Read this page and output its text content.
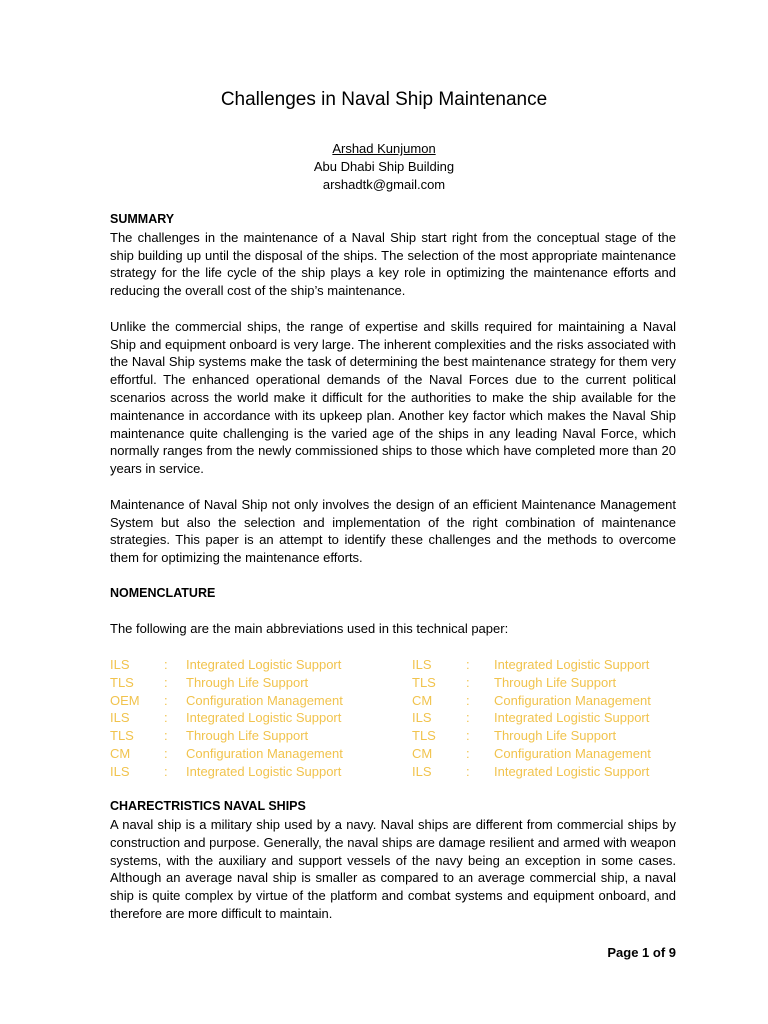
Challenges in Naval Ship Maintenance
Arshad Kunjumon
Abu Dhabi Ship Building
arshadtk@gmail.com
SUMMARY

The challenges in the maintenance of a Naval Ship start right from the conceptual stage of the ship building up until the disposal of the ships. The selection of the most appropriate maintenance strategy for the life cycle of the ship plays a key role in optimizing the maintenance efforts and reducing the overall cost of the ship’s maintenance.

Unlike the commercial ships, the range of expertise and skills required for maintaining a Naval Ship and equipment onboard is very large. The inherent complexities and the risks associated with the Naval Ship systems make the task of determining the best maintenance strategy for them very effortful. The enhanced operational demands of the Naval Forces due to the current political scenarios across the world make it difficult for the authorities to make the ship available for the maintenance in accordance with its upkeep plan. Another key factor which makes the Naval Ship maintenance quite challenging is the varied age of the ships in any leading Naval Force, which normally ranges from the newly commissioned ships to those which have completed more than 20 years in service.

Maintenance of Naval Ship not only involves the design of an efficient Maintenance Management System but also the selection and implementation of the right combination of maintenance strategies. This paper is an attempt to identify these challenges and the methods to overcome them for optimizing the maintenance efforts.

NOMENCLATURE

The following are the main abbreviations used in this technical paper:

ILS	:	Integrated Logistic Support	ILS	:	Integrated Logistic Support
TLS	:	Through Life Support	TLS	:	Through Life Support
OEM	:	Configuration Management	CM	:	Configuration Management
ILS	:	Integrated Logistic Support	ILS	:	Integrated Logistic Support
TLS	:	Through Life Support	TLS	:	Through Life Support
CM	:	Configuration Management	CM	:	Configuration Management
ILS	:	Integrated Logistic Support	ILS	:	Integrated Logistic Support
CHARECTRISTICS NAVAL SHIPS

A naval ship is a military ship used by a navy. Naval ships are different from commercial ships by construction and purpose. Generally, the naval ships are damage resilient and armed with weapon systems, with the auxiliary and support vessels of the navy being an exception in some cases. Although an average naval ship is smaller as compared to an average commercial ship, a naval ship is quite complex by virtue of the platform and combat systems and equipment onboard, and therefore are more difficult to maintain.

Page 1 of 9
